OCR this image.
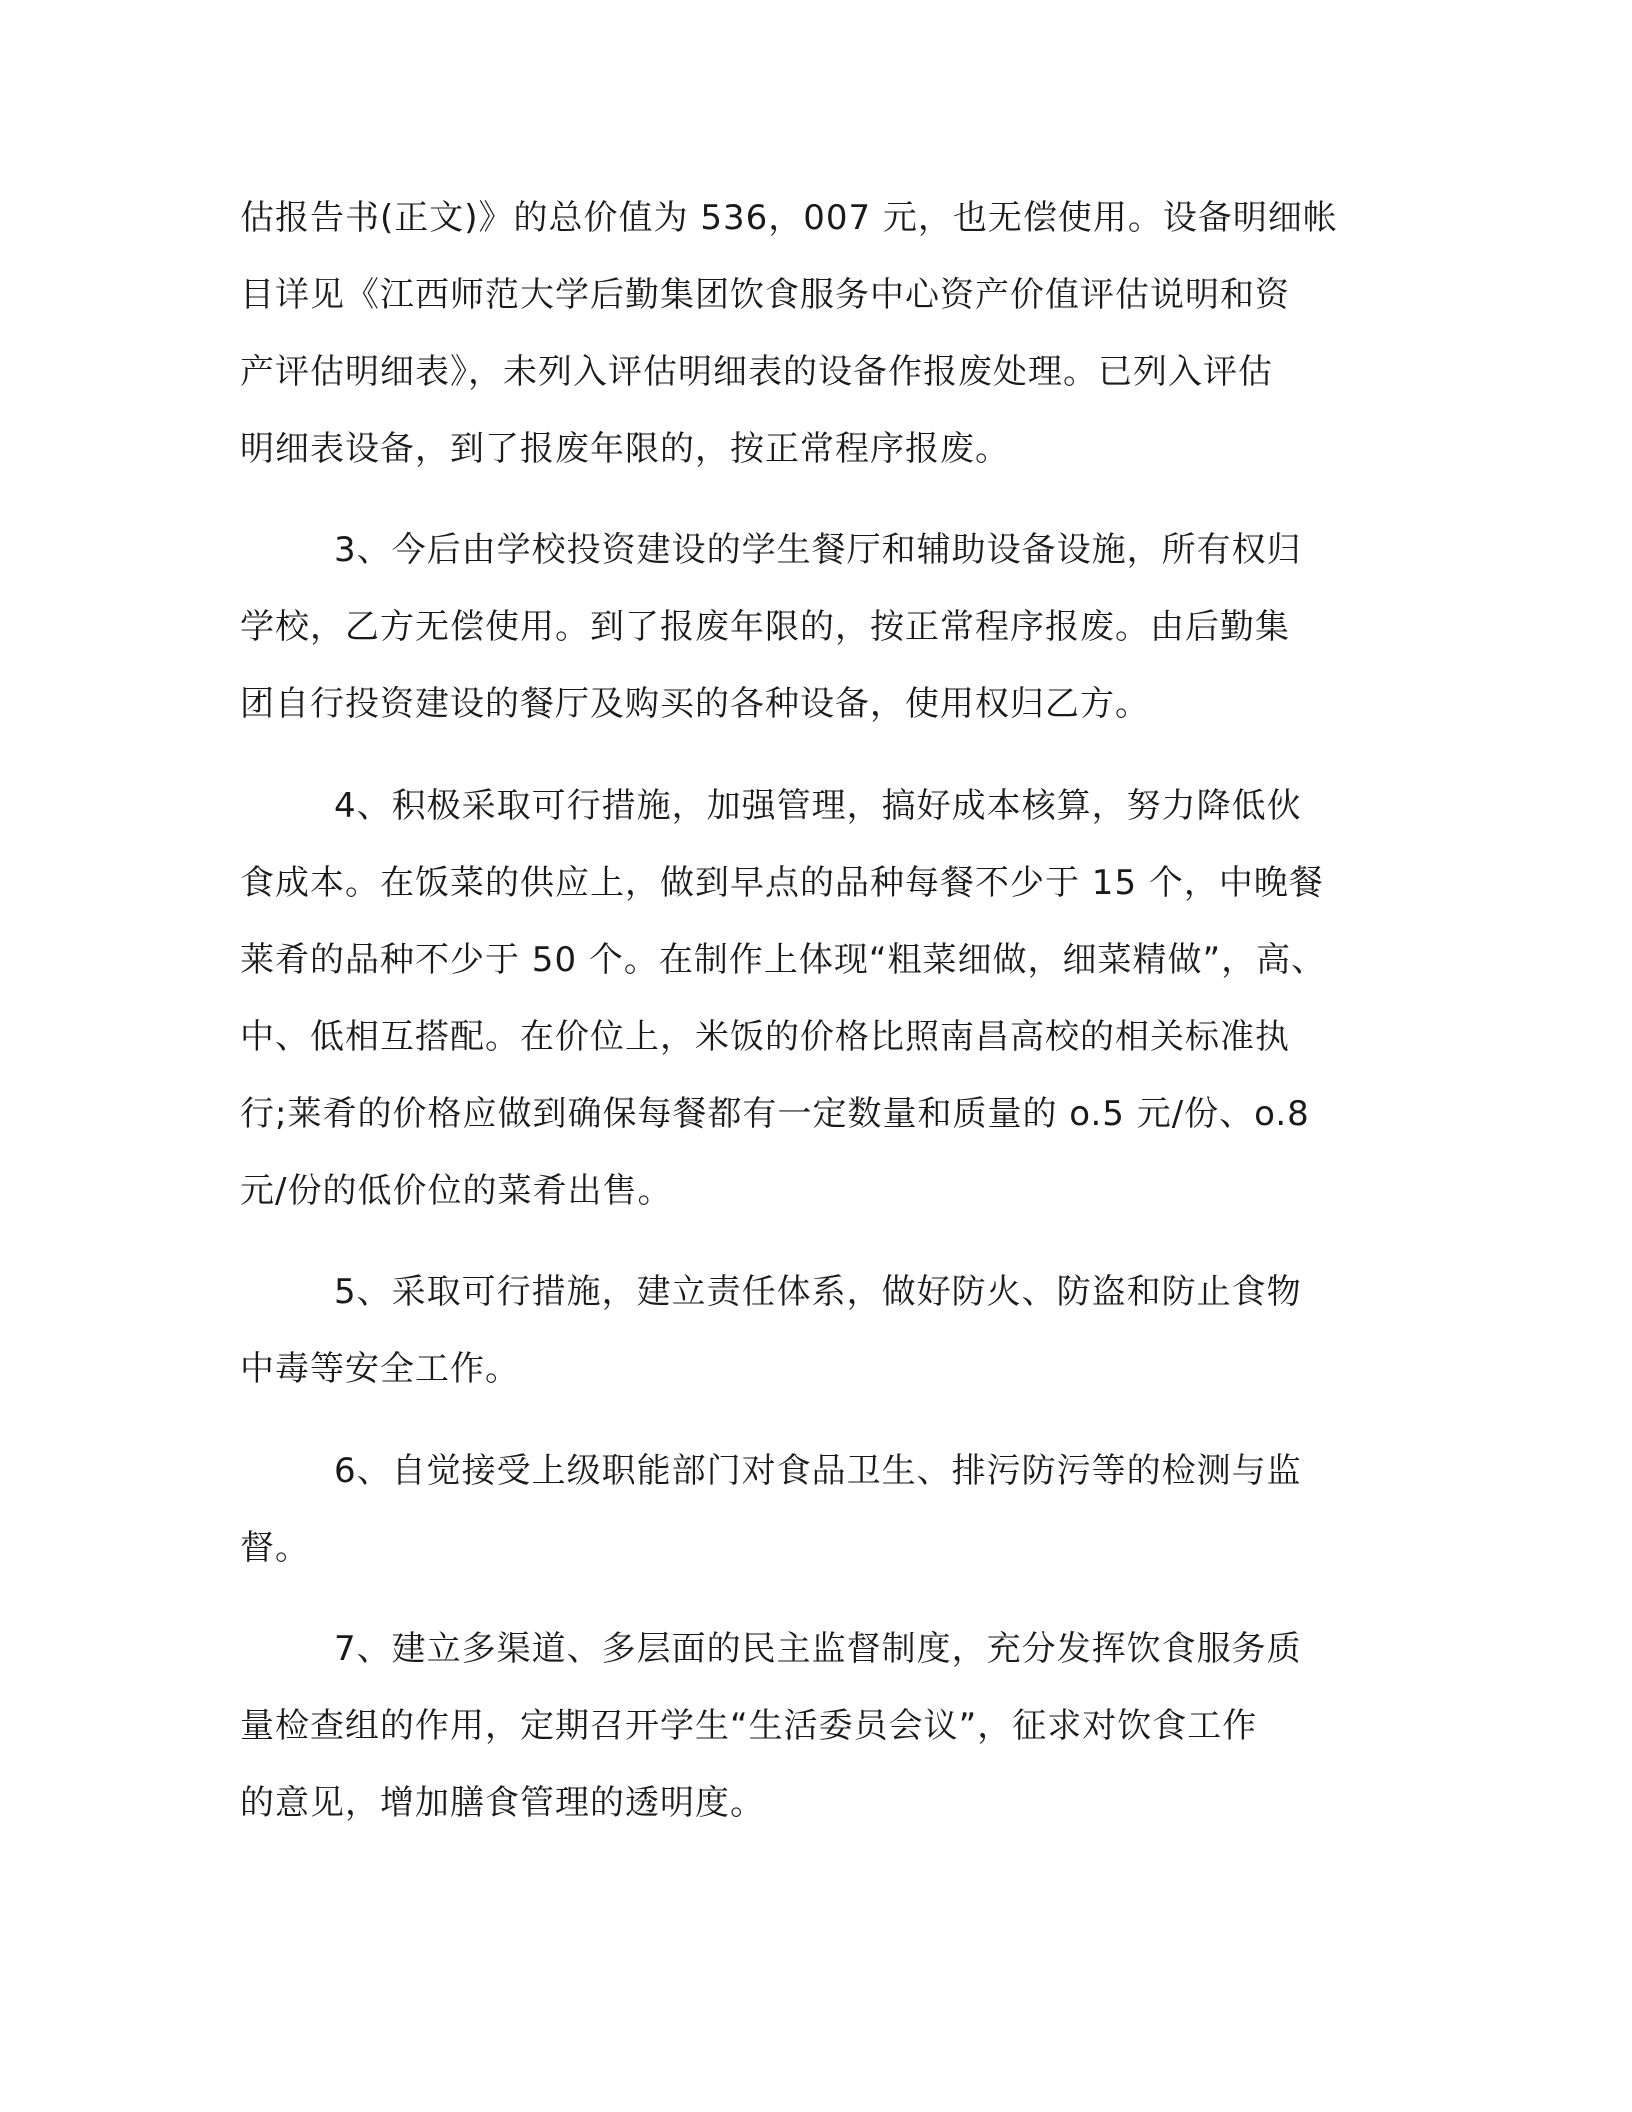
估报告书(正文)》的总价值为 536，007 元，也无偿使用。设备明细帐

目详见《江西师范大学后勤集团饮食服务中心资产价值评估说明和资

产评估明细表》，未列入评估明细表的设备作报废处理。已列入评估

明细表设备，到了报废年限的，按正常程序报废。

3、今后由学校投资建设的学生餐厅和辅助设备设施，所有权归

学校，乙方无偿使用。到了报废年限的，按正常程序报废。由后勤集

团自行投资建设的餐厅及购买的各种设备，使用权归乙方。

4、积极采取可行措施，加强管理，搞好成本核算，努力降低伙

食成本。在饭菜的供应上，做到早点的品种每餐不少于 15 个，中晚餐

莱肴的品种不少于 50 个。在制作上体现“粗菜细做，细菜精做”，高、

中、低相互搭配。在价位上，米饭的价格比照南昌高校的相关标准执

行;莱肴的价格应做到确保每餐都有一定数量和质量的 o.5 元/份、o.8

元/份的低价位的菜肴出售。

5、采取可行措施，建立责任体系，做好防火、防盗和防止食物

中毒等安全工作。

6、自觉接受上级职能部门对食品卫生、排污防污等的检测与监

督。

7、建立多渠道、多层面的民主监督制度，充分发挥饮食服务质

量检查组的作用，定期召开学生“生活委员会议”，征求对饮食工作

的意见，增加膳食管理的透明度。
